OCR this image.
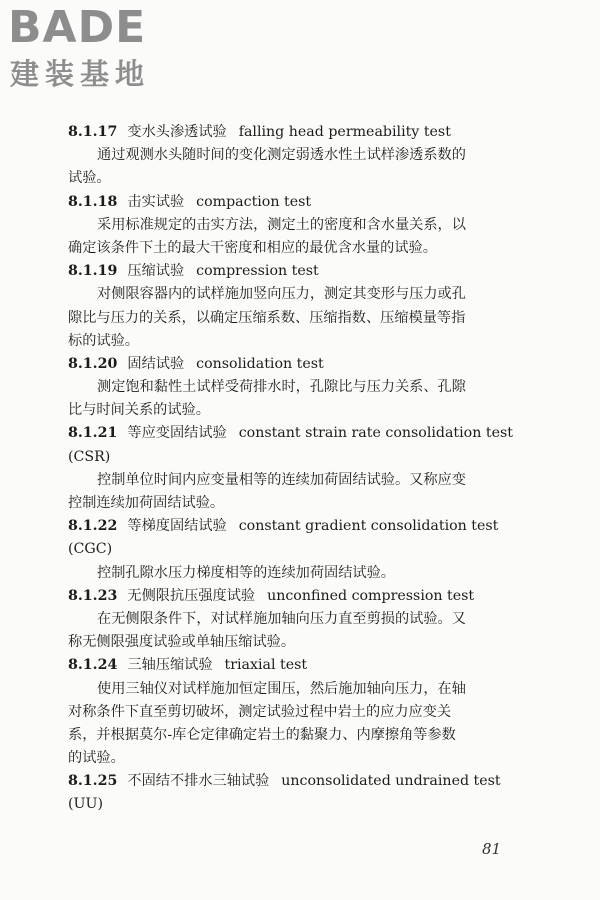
BADE
建装基地
8.1.17 变水头渗透试验 falling head permeability test
通过观测水头随时间的变化测定弱透水性土试样渗透系数的
试验。
8.1.18 击实试验 compaction test
采用标准规定的击实方法，测定土的密度和含水量关系，以
确定该条件下土的最大干密度和相应的最优含水量的试验。
8.1.19 压缩试验 compression test
对侧限容器内的试样施加竖向压力，测定其变形与压力或孔
隙比与压力的关系，以确定压缩系数、压缩指数、压缩模量等指
标的试验。
8.1.20 固结试验 consolidation test
测定饱和黏性土试样受荷排水时，孔隙比与压力关系、孔隙
比与时间关系的试验。
8.1.21 等应变固结试验 constant strain rate consolidation test
(CSR)
控制单位时间内应变量相等的连续加荷固结试验。又称应变
控制连续加荷固结试验。
8.1.22 等梯度固结试验 constant gradient consolidation test
(CGC)
控制孔隙水压力梯度相等的连续加荷固结试验。
8.1.23 无侧限抗压强度试验 unconfined compression test
在无侧限条件下，对试样施加轴向压力直至剪损的试验。又
称无侧限强度试验或单轴压缩试验。
8.1.24 三轴压缩试验 triaxial test
使用三轴仪对试样施加恒定围压，然后施加轴向压力，在轴
对称条件下直至剪切破坏，测定试验过程中岩土的应力应变关
系，并根据莫尔-库仑定律确定岩土的黏聚力、内摩擦角等参数
的试验。
8.1.25 不固结不排水三轴试验 unconsolidated undrained test
(UU)
81
